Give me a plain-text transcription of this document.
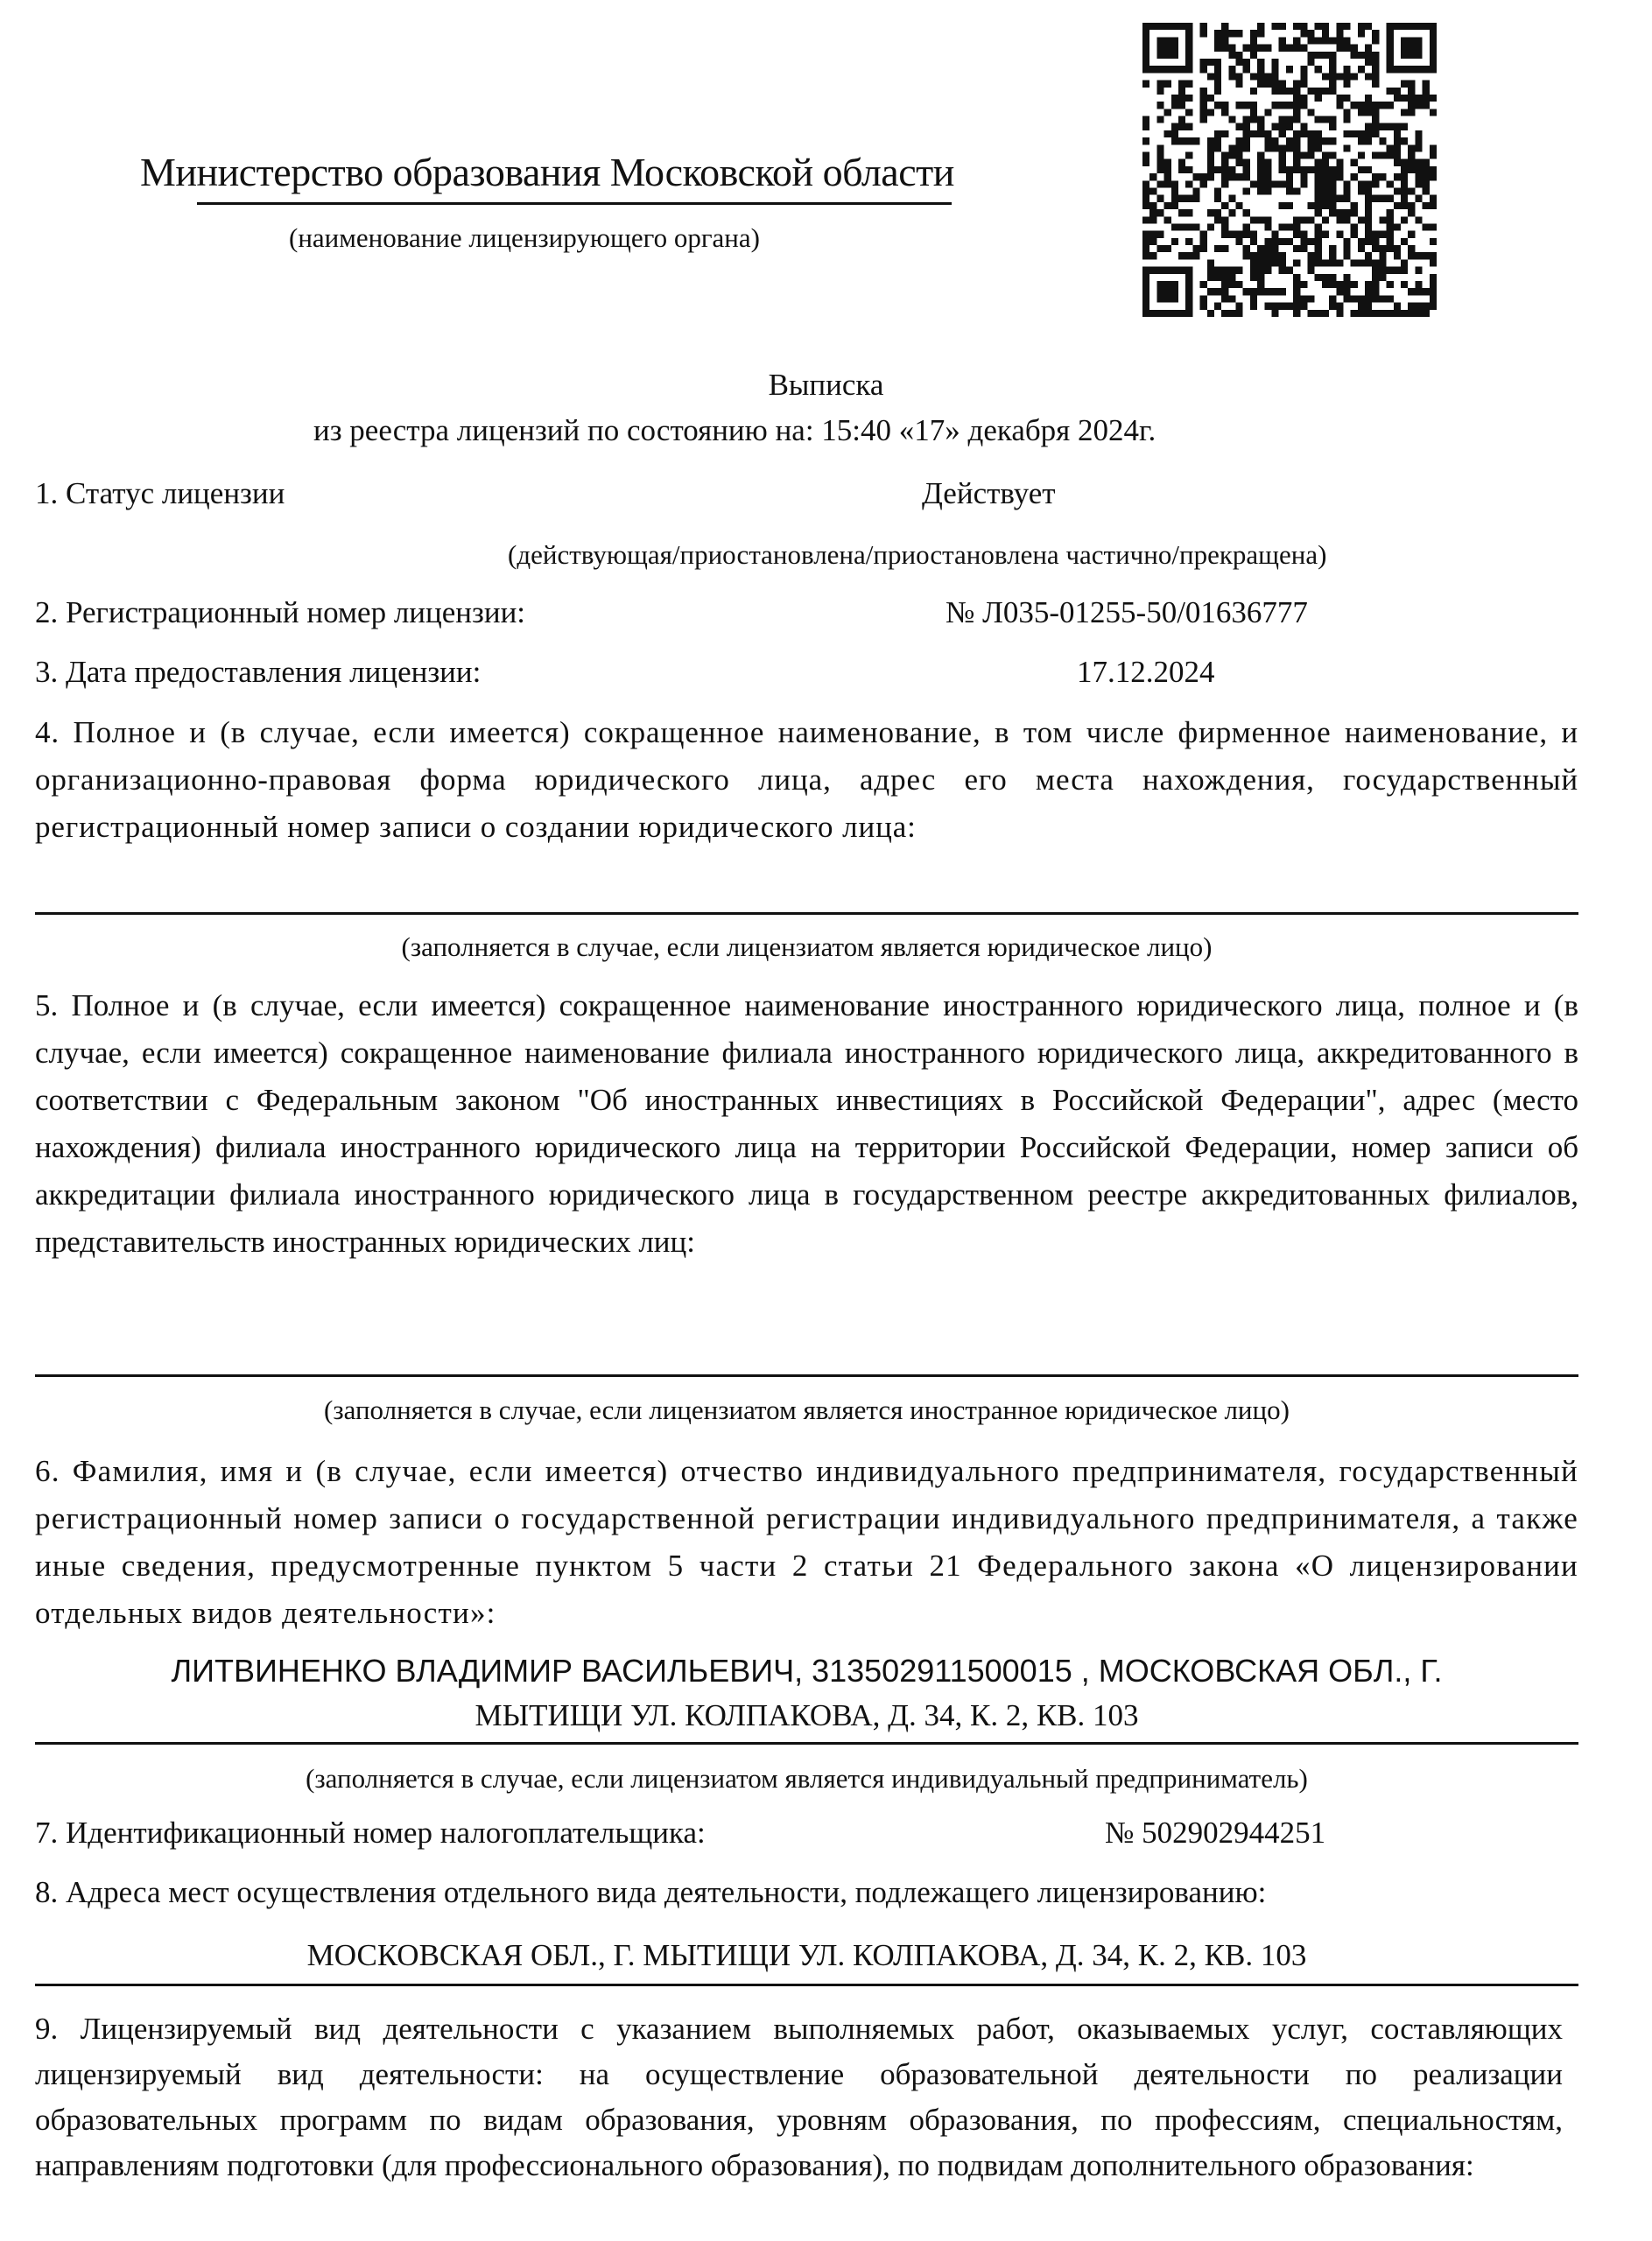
Министерство образования Московской области
(наименование лицензирующего органа)
Выписка
из реестра лицензий по состоянию на: 15:40 «17» декабря 2024г.
1. Статус лицензии	Действует
(действующая/приостановлена/приостановлена частично/прекращена)
2. Регистрационный номер лицензии:	№ Л035-01255-50/01636777
3. Дата предоставления лицензии:	17.12.2024
4. Полное и (в случае, если имеется) сокращенное наименование, в том числе фирменное наименование, и организационно-правовая форма юридического лица, адрес его места нахождения, государственный регистрационный номер записи о создании юридического лица:
(заполняется в случае, если лицензиатом является юридическое лицо)
5. Полное и (в случае, если имеется) сокращенное наименование иностранного юридического лица, полное и (в случае, если имеется) сокращенное наименование филиала иностранного юридического лица, аккредитованного в соответствии с Федеральным законом "Об иностранных инвестициях в Российской Федерации", адрес (место нахождения) филиала иностранного юридического лица на территории Российской Федерации, номер записи об аккредитации филиала иностранного юридического лица в государственном реестре аккредитованных филиалов, представительств иностранных юридических лиц:
(заполняется в случае, если лицензиатом является иностранное юридическое лицо)
6. Фамилия, имя и (в случае, если имеется) отчество индивидуального предпринимателя, государственный регистрационный номер записи о государственной регистрации индивидуального предпринимателя, а также иные сведения, предусмотренные пунктом 5 части 2 статьи 21 Федерального закона «О лицензировании отдельных видов деятельности»:
ЛИТВИНЕНКО ВЛАДИМИР ВАСИЛЬЕВИЧ, 313502911500015 , МОСКОВСКАЯ ОБЛ., Г.
МЫТИЩИ УЛ. КОЛПАКОВА, Д. 34, К. 2, КВ. 103
(заполняется в случае, если лицензиатом является индивидуальный предприниматель)
7. Идентификационный номер налогоплательщика:	№ 502902944251
8. Адреса мест осуществления отдельного вида деятельности, подлежащего лицензированию:
МОСКОВСКАЯ ОБЛ., Г. МЫТИЩИ УЛ. КОЛПАКОВА, Д. 34, К. 2, КВ. 103
9. Лицензируемый вид деятельности с указанием выполняемых работ, оказываемых услуг, составляющих лицензируемый вид деятельности: на осуществление образовательной деятельности по реализации образовательных программ по видам образования, уровням образования, по профессиям, специальностям, направлениям подготовки (для профессионального образования), по подвидам дополнительного образования:
